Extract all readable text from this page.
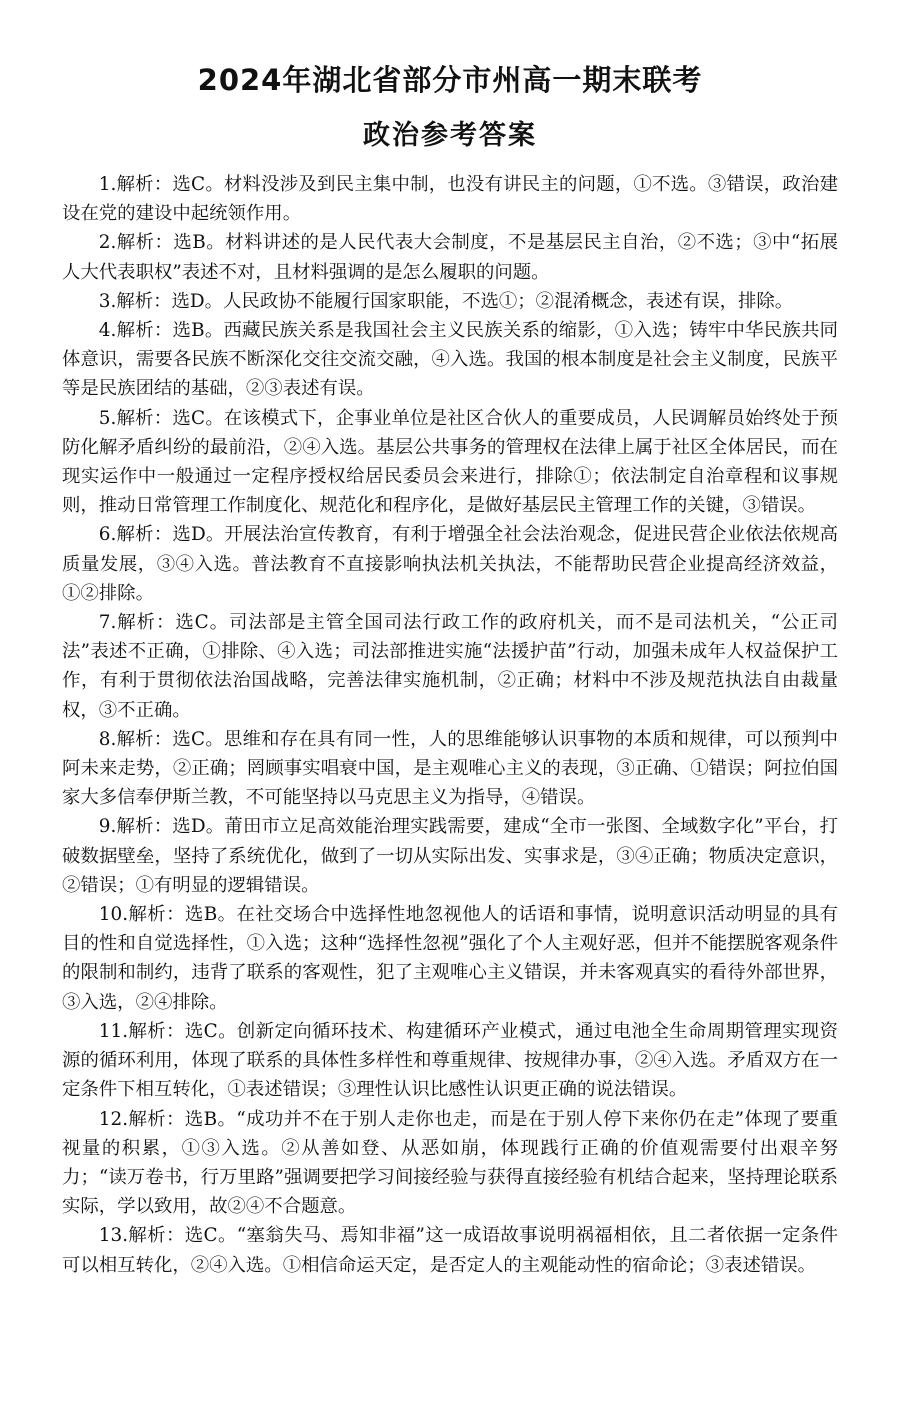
2024年湖北省部分市州高一期末联考
政治参考答案

1.解析：选C。材料没涉及到民主集中制，也没有讲民主的问题，①不选。③错误，政治建设在党的建设中起统领作用。

2.解析：选B。材料讲述的是人民代表大会制度，不是基层民主自治，②不选；③中“拓展人大代表职权”表述不对，且材料强调的是怎么履职的问题。

3.解析：选D。人民政协不能履行国家职能，不选①；②混淆概念，表述有误，排除。

4.解析：选B。西藏民族关系是我国社会主义民族关系的缩影，①入选；铸牢中华民族共同体意识，需要各民族不断深化交往交流交融，④入选。我国的根本制度是社会主义制度，民族平等是民族团结的基础，②③表述有误。

5.解析：选C。在该模式下，企事业单位是社区合伙人的重要成员，人民调解员始终处于预防化解矛盾纠纷的最前沿，②④入选。基层公共事务的管理权在法律上属于社区全体居民，而在现实运作中一般通过一定程序授权给居民委员会来进行，排除①；依法制定自治章程和议事规则，推动日常管理工作制度化、规范化和程序化，是做好基层民主管理工作的关键，③错误。

6.解析：选D。开展法治宣传教育，有利于增强全社会法治观念，促进民营企业依法依规高质量发展，③④入选。普法教育不直接影响执法机关执法，不能帮助民营企业提高经济效益，①②排除。

7.解析：选C。司法部是主管全国司法行政工作的政府机关，而不是司法机关，“公正司法”表述不正确，①排除、④入选；司法部推进实施“法援护苗”行动，加强未成年人权益保护工作，有利于贯彻依法治国战略，完善法律实施机制，②正确；材料中不涉及规范执法自由裁量权，③不正确。

8.解析：选C。思维和存在具有同一性，人的思维能够认识事物的本质和规律，可以预判中阿未来走势，②正确；罔顾事实唱衰中国，是主观唯心主义的表现，③正确、①错误；阿拉伯国家大多信奉伊斯兰教，不可能坚持以马克思主义为指导，④错误。

9.解析：选D。莆田市立足高效能治理实践需要，建成“全市一张图、全域数字化”平台，打破数据壁垒，坚持了系统优化，做到了一切从实际出发、实事求是，③④正确；物质决定意识，②错误；①有明显的逻辑错误。

10.解析：选B。在社交场合中选择性地忽视他人的话语和事情，说明意识活动明显的具有目的性和自觉选择性，①入选；这种“选择性忽视”强化了个人主观好恶，但并不能摆脱客观条件的限制和制约，违背了联系的客观性，犯了主观唯心主义错误，并未客观真实的看待外部世界，③入选，②④排除。

11.解析：选C。创新定向循环技术、构建循环产业模式，通过电池全生命周期管理实现资源的循环利用，体现了联系的具体性多样性和尊重规律、按规律办事，②④入选。矛盾双方在一定条件下相互转化，①表述错误；③理性认识比感性认识更正确的说法错误。

12.解析：选B。“成功并不在于别人走你也走，而是在于别人停下来你仍在走”体现了要重视量的积累，①③入选。②从善如登、从恶如崩，体现践行正确的价值观需要付出艰辛努力；“读万卷书，行万里路”强调要把学习间接经验与获得直接经验有机结合起来，坚持理论联系实际，学以致用，故②④不合题意。

13.解析：选C。“塞翁失马、焉知非福”这一成语故事说明祸福相依，且二者依据一定条件可以相互转化，②④入选。①相信命运天定，是否定人的主观能动性的宿命论；③表述错误。
